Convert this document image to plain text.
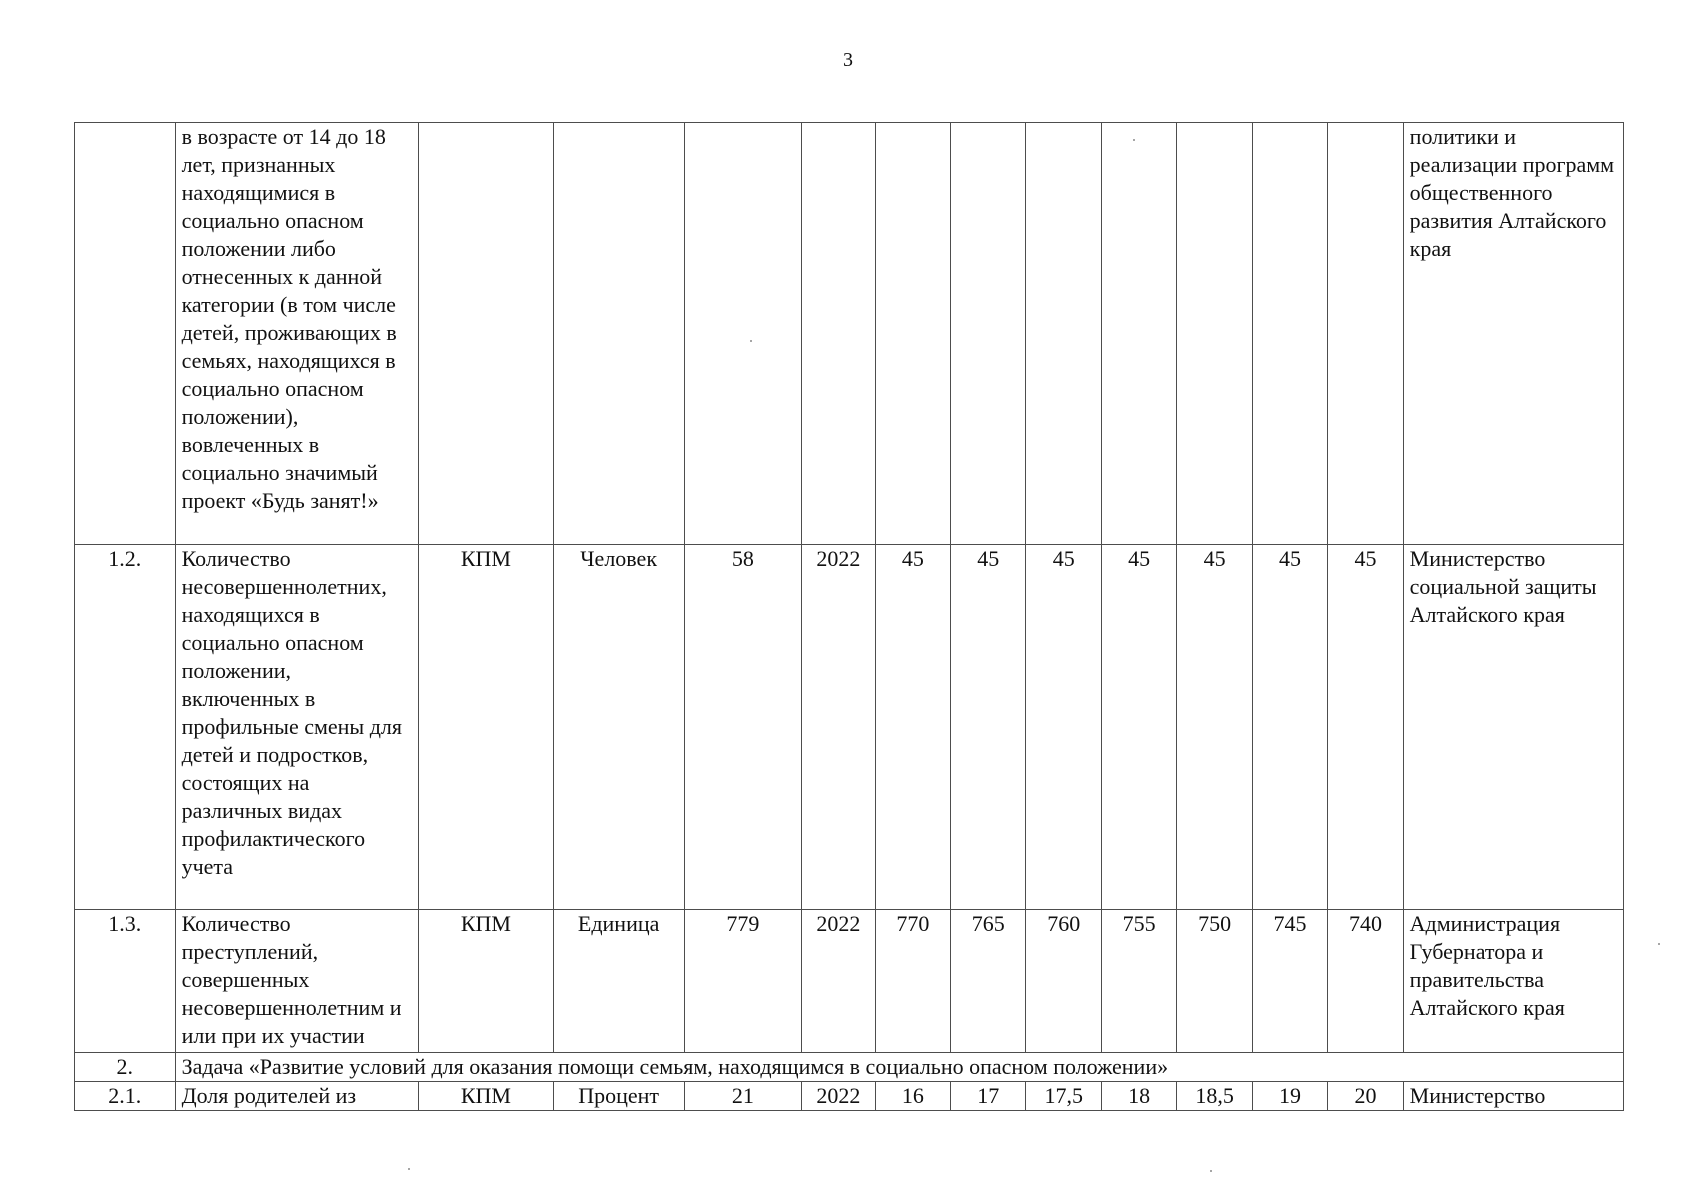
3
	в возрасте от 14 до 18 лет, признанных находящимися в социально опасном положении либо отнесенных к данной категории (в том числе детей, проживающих в семьях, находящихся в социально опасном положении), вовлеченных в социально значимый проект «Будь занят!»												политики и реализации программ общественного развития Алтайского края
1.2.	Количество несовершеннолетних, находящихся в социально опасном положении, включенных в профильные смены для детей и подростков, состоящих на различных видах профилактического учета	КПМ	Человек	58	2022	45	45	45	45	45	45	45	Министерство социальной защиты Алтайского края
1.3.	Количество преступлений, совершенных несовершеннолетним и или при их участии	КПМ	Единица	779	2022	770	765	760	755	750	745	740	Администрация Губернатора и правительства Алтайского края
2.	Задача «Развитие условий для оказания помощи семьям, находящимся в социально опасном положении»												
2.1.	Доля родителей из	КПМ	Процент	21	2022	16	17	17,5	18	18,5	19	20	Министерство
